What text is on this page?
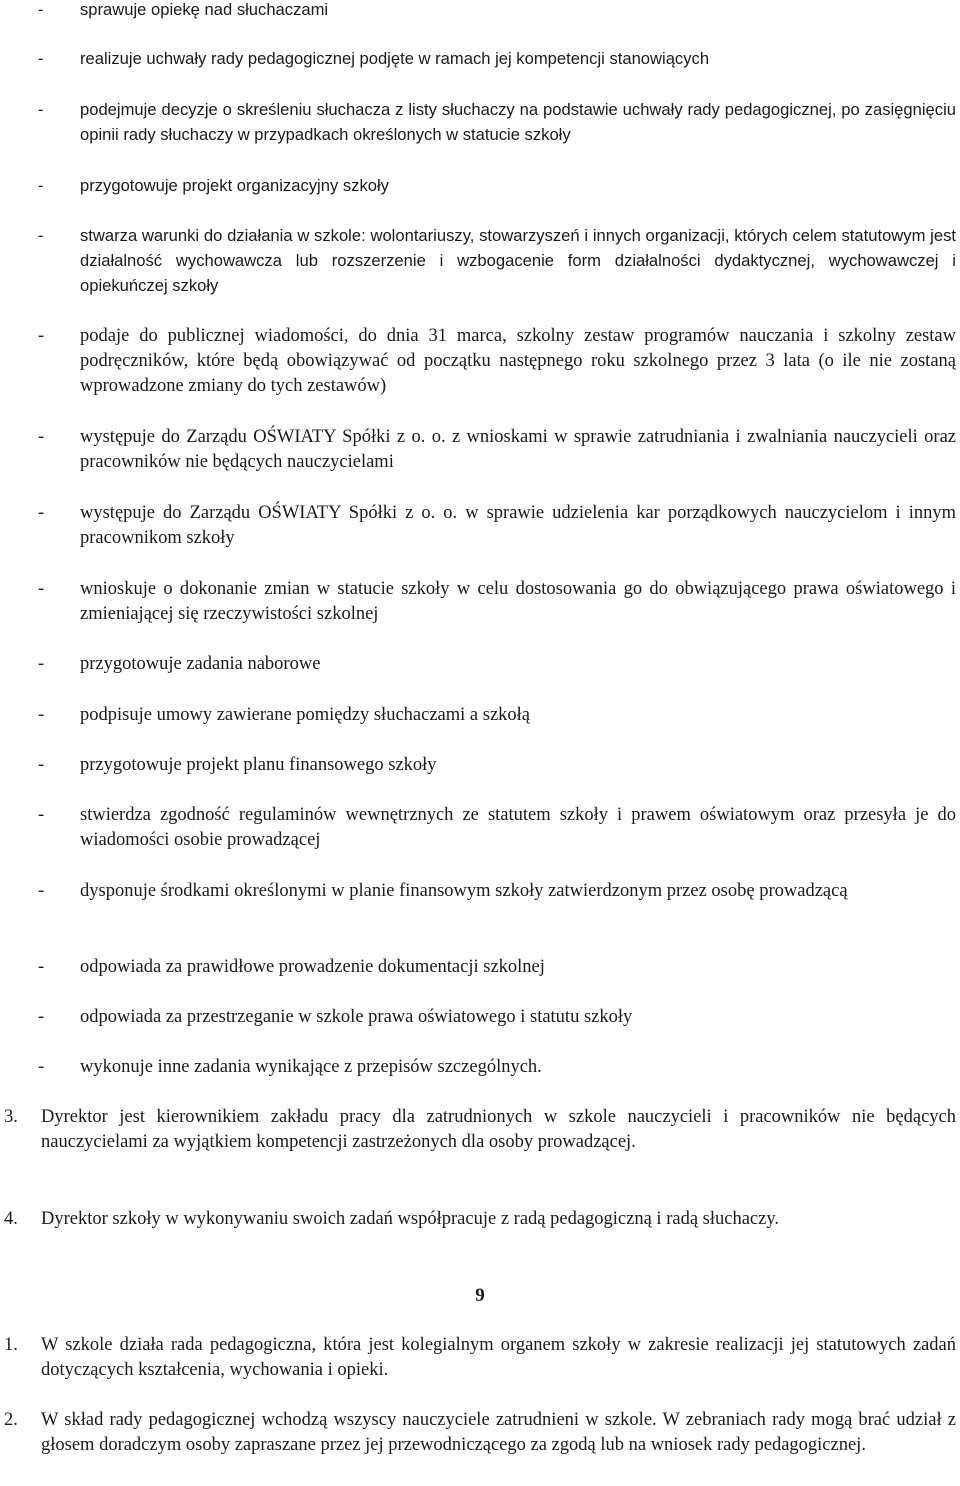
-	sprawuje opiekę nad słuchaczami
-	realizuje uchwały rady pedagogicznej podjęte w ramach jej kompetencji stanowiących
-	podejmuje decyzje o skreśleniu słuchacza z listy słuchaczy na podstawie uchwały rady pedagogicznej, po zasięgnięciu opinii rady słuchaczy w przypadkach określonych w statucie szkoły
-	przygotowuje projekt organizacyjny szkoły
-	stwarza warunki do działania w szkole: wolontariuszy, stowarzyszeń i innych organizacji, których celem statutowym jest działalność wychowawcza lub rozszerzenie i wzbogacenie form działalności dydaktycznej, wychowawczej i opiekuńczej szkoły
-	podaje do publicznej wiadomości, do dnia 31 marca, szkolny zestaw programów nauczania i szkolny zestaw podręczników, które będą obowiązywać od początku następnego roku szkolnego przez 3 lata (o ile nie zostaną wprowadzone zmiany do tych zestawów)
-	występuje do Zarządu OŚWIATY Spółki z o. o. z wnioskami w sprawie zatrudniania i zwalniania nauczycieli oraz pracowników nie będących nauczycielami
-	występuje do Zarządu OŚWIATY Spółki z o. o. w sprawie udzielenia kar porządkowych nauczycielom i innym pracownikom szkoły
-	wnioskuje o dokonanie zmian w statucie szkoły w celu dostosowania go do obwiązującego prawa oświatowego i zmieniającej się rzeczywistości szkolnej
-	przygotowuje zadania naborowe
-	podpisuje umowy zawierane pomiędzy słuchaczami a szkołą
-	przygotowuje projekt planu finansowego szkoły
-	stwierdza zgodność regulaminów wewnętrznych ze statutem szkoły i prawem oświatowym oraz przesyła je do wiadomości osobie prowadzącej
-	dysponuje środkami określonymi w planie finansowym szkoły zatwierdzonym przez osobę prowadzącą
-	odpowiada za prawidłowe prowadzenie dokumentacji szkolnej
-	odpowiada za przestrzeganie w szkole prawa oświatowego i statutu szkoły
-	wykonuje inne zadania wynikające z przepisów szczególnych.
3.	Dyrektor jest kierownikiem zakładu pracy dla zatrudnionych w szkole nauczycieli i pracowników nie będących nauczycielami za wyjątkiem kompetencji zastrzeżonych dla osoby prowadzącej.
4.	Dyrektor szkoły w wykonywaniu swoich zadań współpracuje z radą pedagogiczną i radą słuchaczy.
9
1.	W szkole działa rada pedagogiczna, która jest kolegialnym organem szkoły w zakresie realizacji jej statutowych zadań dotyczących kształcenia, wychowania i opieki.
2.	W skład rady pedagogicznej wchodzą wszyscy nauczyciele zatrudnieni w szkole. W zebraniach rady mogą brać udział z głosem doradczym osoby zapraszane przez jej przewodniczącego za zgodą lub na wniosek rady pedagogicznej.
